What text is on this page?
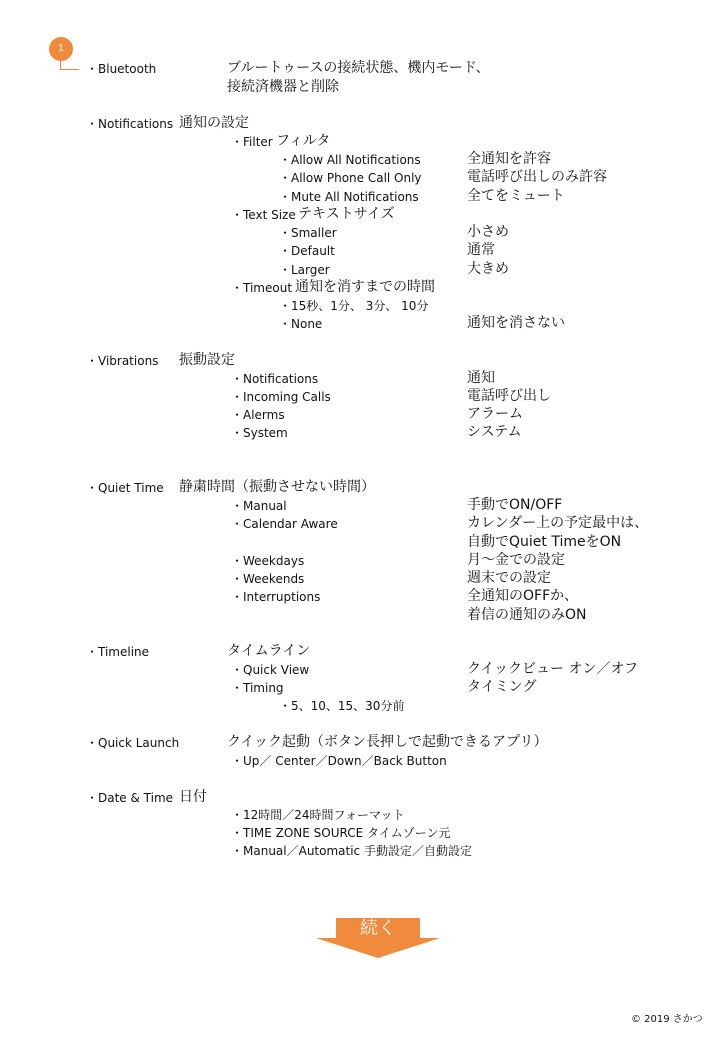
1
・Bluetooth	ブルートゥースの接続状態、機内モード、
接続済機器と削除
・Notifications 通知の設定
・Filter フィルタ
・Allow All Notifications	全通知を許容
・Allow Phone Call Only	電話呼び出しのみ許容
・Mute All Notifications	全てをミュート
・Text Size テキストサイズ
・Smaller	小さめ
・Default	通常
・Larger	大きめ
・Timeout 通知を消すまでの時間
・15秒、1分、 3分、 10分
・None	通知を消さない
・Vibrations 振動設定
・Notifications	通知
・Incoming Calls	電話呼び出し
・Alerms	アラーム
・System	システム
・Quiet Time 静粛時間（振動させない時間）
・Manual	手動でON/OFF
・Calendar Aware	カレンダー上の予定最中は、
自動でQuiet TimeをON
・Weekdays	月～金での設定
・Weekends	週末での設定
・Interruptions	全通知のOFFか、
着信の通知のみON
・Timeline	タイムライン
・Quick View	クイックビュー オン／オフ
・Timing	タイミング
・5、10、15、30分前
・Quick Launch	クイック起動（ボタン長押しで起動できるアプリ）
・Up／ Center／Down／Back Button
・Date & Time 日付
・12時間／24時間フォーマット
・TIME ZONE SOURCE タイムゾーン元
・Manual／Automatic 手動設定／自動設定
続く
© 2019 さかつ
